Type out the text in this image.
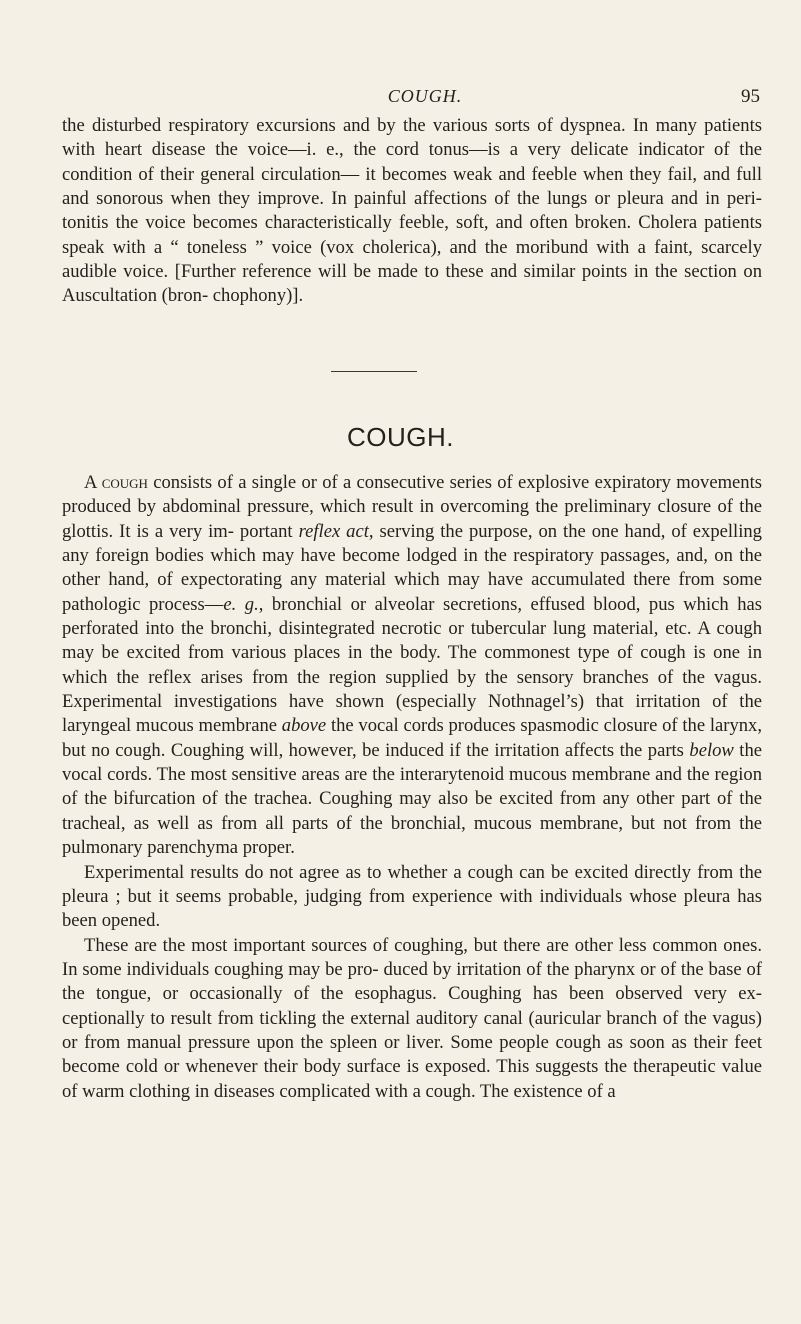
COUGH.	95

the disturbed respiratory excursions and by the various sorts of dyspnea. In many patients with heart disease the voice—i. e., the cord tonus—is a very delicate indicator of the condition of their general circulation— it becomes weak and feeble when they fail, and full and sonorous when they improve. In painful affections of the lungs or pleura and in peri- tonitis the voice becomes characteristically feeble, soft, and often broken. Cholera patients speak with a “ toneless ” voice (vox cholerica), and the moribund with a faint, scarcely audible voice. [Further reference will be made to these and similar points in the section on Auscultation (bron- chophony)].

COUGH.

A cough consists of a single or of a consecutive series of explosive expiratory movements produced by abdominal pressure, which result in overcoming the preliminary closure of the glottis. It is a very im- portant reflex act, serving the purpose, on the one hand, of expelling any foreign bodies which may have become lodged in the respiratory passages, and, on the other hand, of expectorating any material which may have accumulated there from some pathologic process—e. g., bronchial or alveolar secretions, effused blood, pus which has perforated into the bronchi, disintegrated necrotic or tubercular lung material, etc. A cough may be excited from various places in the body. The commonest type of cough is one in which the reflex arises from the region supplied by the sensory branches of the vagus. Experimental investigations have shown (especially Nothnagel’s) that irritation of the laryngeal mucous membrane above the vocal cords produces spasmodic closure of the larynx, but no cough. Coughing will, however, be induced if the irritation affects the parts below the vocal cords. The most sensitive areas are the interarytenoid mucous membrane and the region of the bifurcation of the trachea. Coughing may also be excited from any other part of the tracheal, as well as from all parts of the bronchial, mucous membrane, but not from the pulmonary parenchyma proper.

Experimental results do not agree as to whether a cough can be excited directly from the pleura ; but it seems probable, judging from experience with individuals whose pleura has been opened.

These are the most important sources of coughing, but there are other less common ones. In some individuals coughing may be pro- duced by irritation of the pharynx or of the base of the tongue, or occasionally of the esophagus. Coughing has been observed very ex- ceptionally to result from tickling the external auditory canal (auricular branch of the vagus) or from manual pressure upon the spleen or liver. Some people cough as soon as their feet become cold or whenever their body surface is exposed. This suggests the therapeutic value of warm clothing in diseases complicated with a cough. The existence of a
